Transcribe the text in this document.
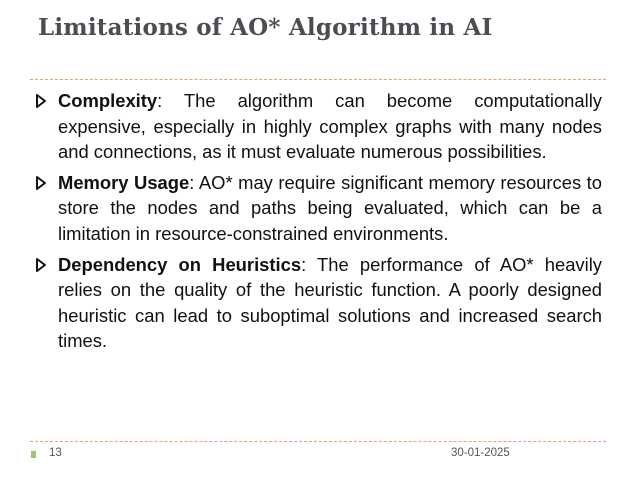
Limitations of AO* Algorithm in AI
Complexity: The algorithm can become computationally expensive, especially in highly complex graphs with many nodes and connections, as it must evaluate numerous possibilities.
Memory Usage: AO* may require significant memory resources to store the nodes and paths being evaluated, which can be a limitation in resource-constrained environments.
Dependency on Heuristics: The performance of AO* heavily relies on the quality of the heuristic function. A poorly designed heuristic can lead to suboptimal solutions and increased search times.
13	30-01-2025
